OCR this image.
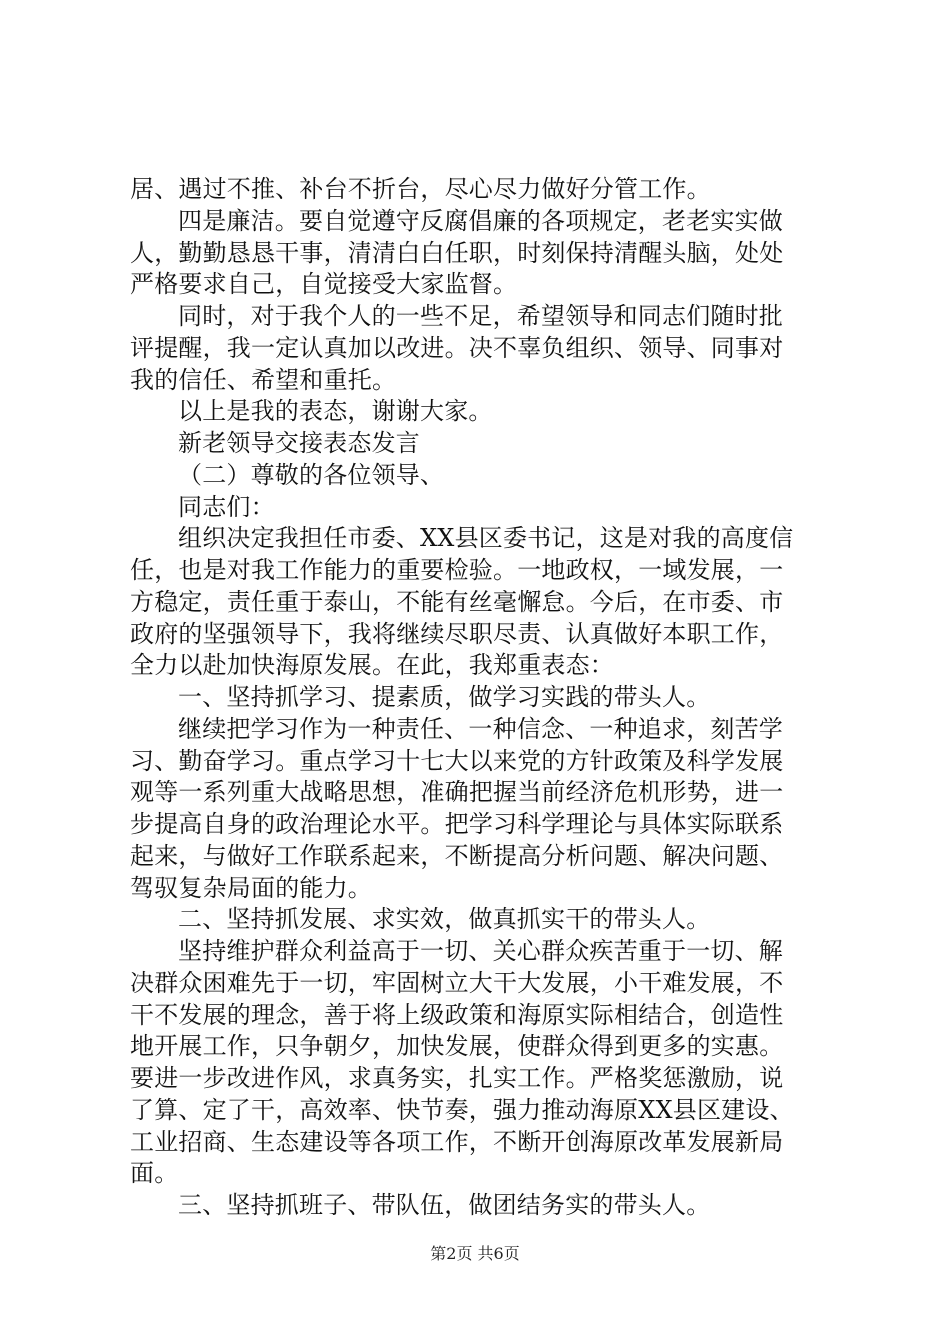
居、遇过不推、补台不折台，尽心尽力做好分管工作。
四是廉洁。要自觉遵守反腐倡廉的各项规定，老老实实做
人，勤勤恳恳干事，清清白白任职，时刻保持清醒头脑，处处
严格要求自己，自觉接受大家监督。
同时，对于我个人的一些不足，希望领导和同志们随时批
评提醒，我一定认真加以改进。决不辜负组织、领导、同事对
我的信任、希望和重托。
以上是我的表态，谢谢大家。
新老领导交接表态发言
（二）尊敬的各位领导、
同志们：
组织决定我担任市委、XX县区委书记，这是对我的高度信
任，也是对我工作能力的重要检验。一地政权，一域发展，一
方稳定，责任重于泰山，不能有丝毫懈怠。今后，在市委、市
政府的坚强领导下，我将继续尽职尽责、认真做好本职工作，
全力以赴加快海原发展。在此，我郑重表态：
一、坚持抓学习、提素质，做学习实践的带头人。
继续把学习作为一种责任、一种信念、一种追求，刻苦学
习、勤奋学习。重点学习十七大以来党的方针政策及科学发展
观等一系列重大战略思想，准确把握当前经济危机形势，进一
步提高自身的政治理论水平。把学习科学理论与具体实际联系
起来，与做好工作联系起来，不断提高分析问题、解决问题、
驾驭复杂局面的能力。
二、坚持抓发展、求实效，做真抓实干的带头人。
坚持维护群众利益高于一切、关心群众疾苦重于一切、解
决群众困难先于一切，牢固树立大干大发展，小干难发展，不
干不发展的理念，善于将上级政策和海原实际相结合，创造性
地开展工作，只争朝夕，加快发展，使群众得到更多的实惠。
要进一步改进作风，求真务实，扎实工作。严格奖惩激励，说
了算、定了干，高效率、快节奏，强力推动海原XX县区建设、
工业招商、生态建设等各项工作，不断开创海原改革发展新局
面。
三、坚持抓班子、带队伍，做团结务实的带头人。
第2页 共6页
